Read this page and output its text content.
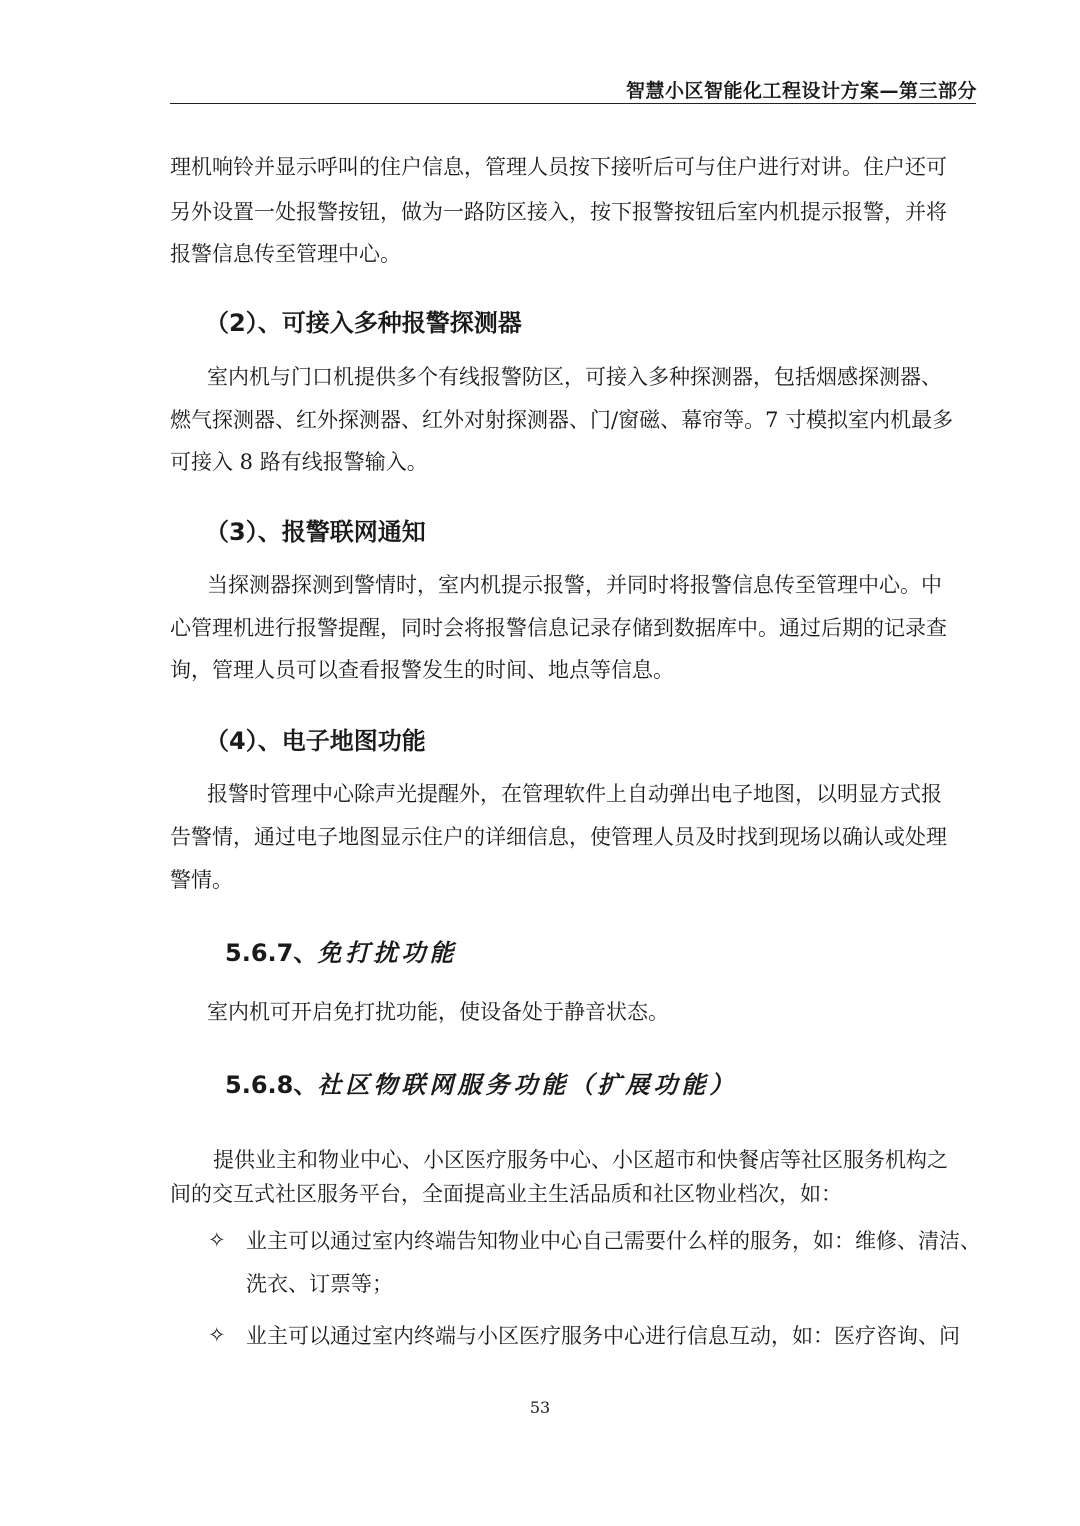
智慧小区智能化工程设计方案—第三部分
理机响铃并显示呼叫的住户信息，管理人员按下接听后可与住户进行对讲。住户还可
另外设置一处报警按钮，做为一路防区接入，按下报警按钮后室内机提示报警，并将
报警信息传至管理中心。
（2）、可接入多种报警探测器
室内机与门口机提供多个有线报警防区，可接入多种探测器，包括烟感探测器、
燃气探测器、红外探测器、红外对射探测器、门/窗磁、幕帘等。7 寸模拟室内机最多
可接入 8 路有线报警输入。
（3）、报警联网通知
当探测器探测到警情时，室内机提示报警，并同时将报警信息传至管理中心。中
心管理机进行报警提醒，同时会将报警信息记录存储到数据库中。通过后期的记录查
询，管理人员可以查看报警发生的时间、地点等信息。
（4）、电子地图功能
报警时管理中心除声光提醒外，在管理软件上自动弹出电子地图，以明显方式报
告警情，通过电子地图显示住户的详细信息，使管理人员及时找到现场以确认或处理
警情。
5.6.7、免打扰功能
室内机可开启免打扰功能，使设备处于静音状态。
5.6.8、社区物联网服务功能（扩展功能）
提供业主和物业中心、小区医疗服务中心、小区超市和快餐店等社区服务机构之
间的交互式社区服务平台，全面提高业主生活品质和社区物业档次，如：
✧ 业主可以通过室内终端告知物业中心自己需要什么样的服务，如：维修、清洁、
洗衣、订票等；
✧ 业主可以通过室内终端与小区医疗服务中心进行信息互动，如：医疗咨询、问
53
